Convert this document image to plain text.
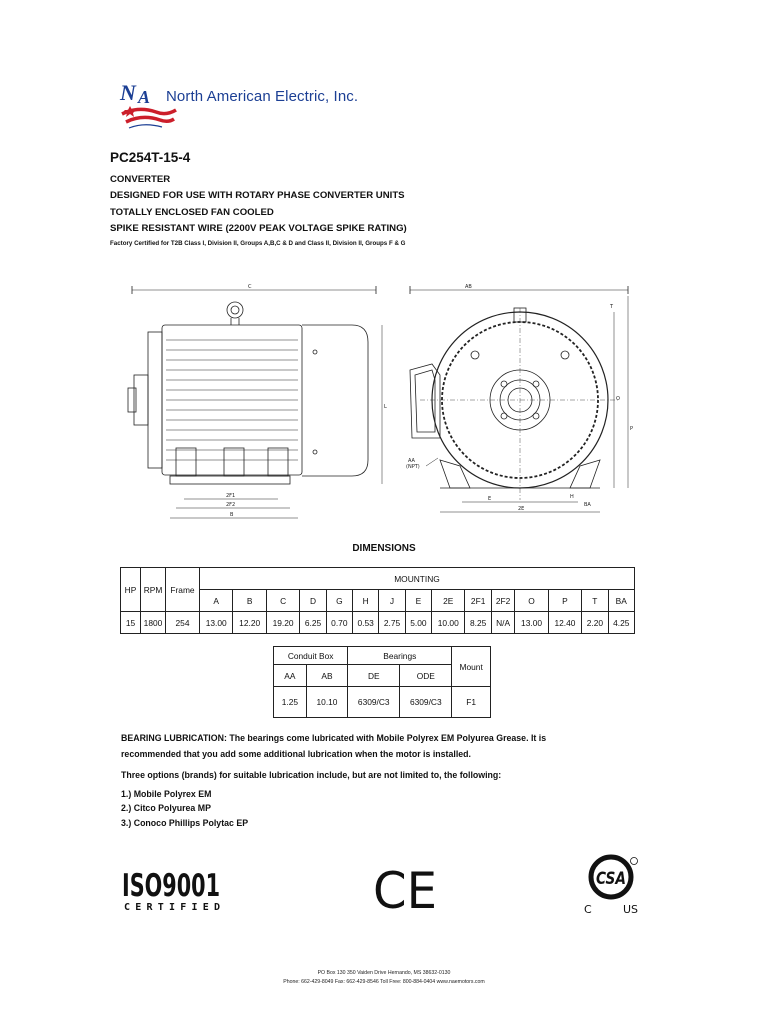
N A North American Electric, Inc.
PC254T-15-4
CONVERTER
DESIGNED FOR USE WITH ROTARY PHASE CONVERTER UNITS
TOTALLY ENCLOSED FAN COOLED
SPIKE RESISTANT WIRE (2200V PEAK VOLTAGE SPIKE RATING)
Factory Certified for T2B Class I, Division II, Groups A,B,C & D and Class II, Division II, Groups F & G
C
2F1
2F2
B
L
AB
E
2E
H
BA
AA
(NPT)
O
P
T
DIMENSIONS
HP	RPM	Frame	MOUNTING														
			A	B	C	D	G	H	J	E	2E	2F1	2F2	O	P	T	BA
15	1800	254	13.00	12.20	19.20	6.25	0.70	0.53	2.75	5.00	10.00	8.25	N/A	13.00	12.40	2.20	4.25
Conduit Box		Bearings		Mount
AA	AB	DE	ODE	
1.25	10.10	6309/C3	6309/C3	F1
BEARING LUBRICATION: The bearings come lubricated with Mobile Polyrex EM Polyurea Grease. It is
recommended that you add some additional lubrication when the motor is installed.
Three options (brands) for suitable lubrication include, but are not limited to, the following:
1.) Mobile Polyrex EM
2.) Citco Polyurea MP
3.) Conoco Phillips Polytac EP
ISO9001
CERTIFIED	CE	CSA
C	US
PO Box 130 350 Vaiden Drive Hernando, MS 38632-0130
Phone: 662-429-8049 Fax: 662-429-8546 Toll Free: 800-884-0404 www.naemotors.com
